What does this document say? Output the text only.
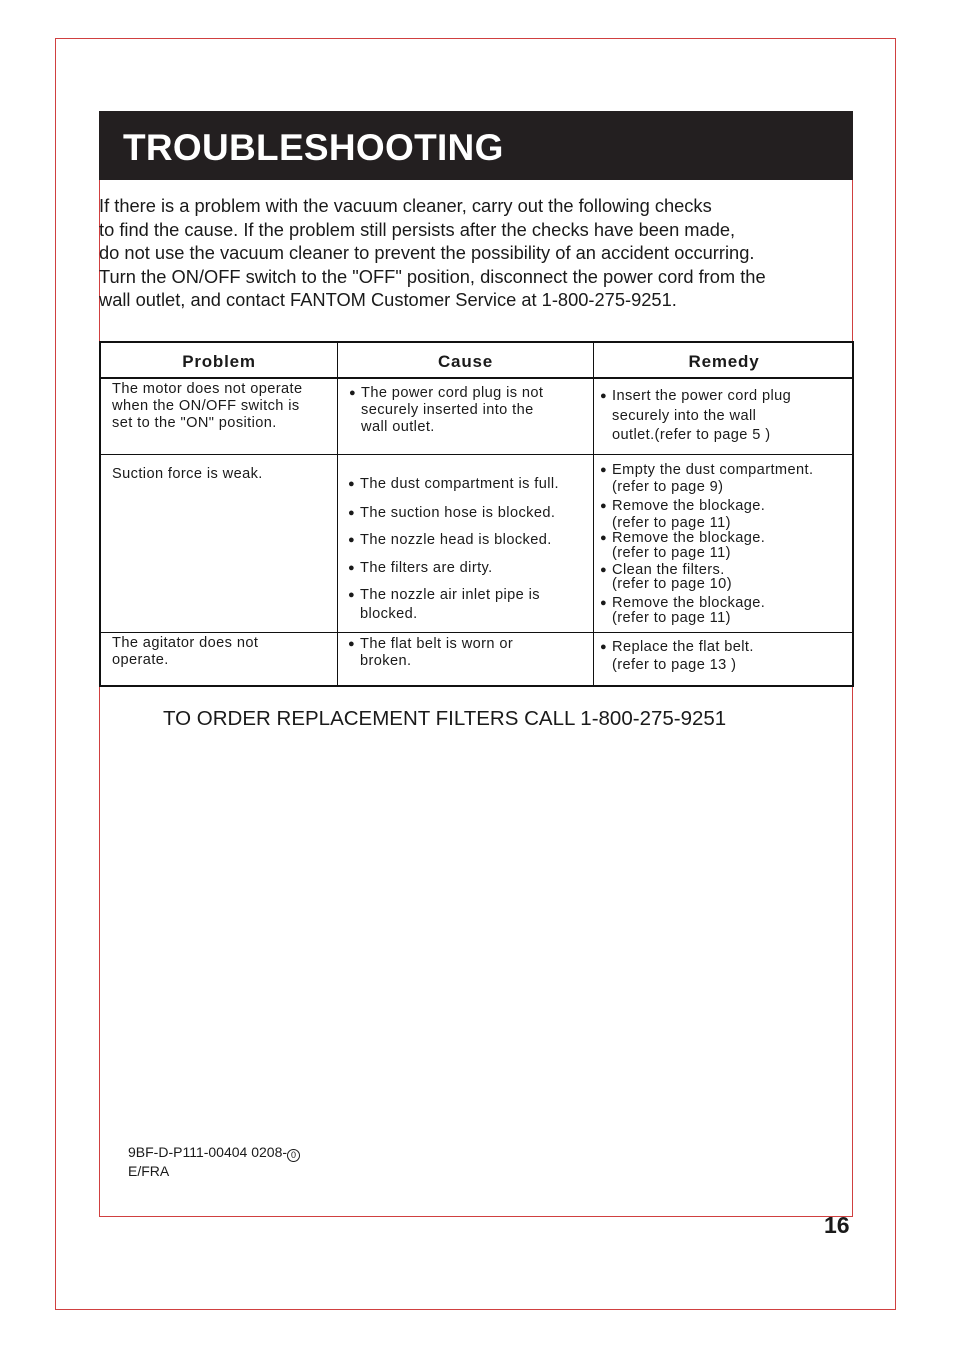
TROUBLESHOOTING
If there is a problem with the vacuum cleaner, carry out the following checks
to find the cause. If the problem still persists after the checks have been made,
do not use the vacuum cleaner to prevent the possibility of an accident occurring.
Turn the ON/OFF switch to the "OFF" position, disconnect the power cord from the
wall outlet, and contact FANTOM Customer Service at 1-800-275-9251.
Problem	Cause	Remedy
The motor does not operate
when the ON/OFF switch is
set to the "ON" position.
● The power cord plug is not
securely inserted into the
wall outlet.
● Insert the power cord plug
securely into the wall
outlet.(refer to page 5 )
Suction force is weak.
● The dust compartment is full.
● The suction hose is blocked.
● The nozzle head is blocked.
● The filters are dirty.
● The nozzle air inlet pipe is
blocked.
● Empty the dust compartment.
(refer to page 9)
● Remove the blockage.
(refer to page 11)
● Remove the blockage.
(refer to page 11)
● Clean the filters.
(refer to page 10)
● Remove the blockage.
(refer to page 11)
The agitator does not
operate.
● The flat belt is worn or
broken.
● Replace the flat belt.
(refer to page 13 )
TO ORDER REPLACEMENT FILTERS CALL 1-800-275-9251
9BF-D-P111-00404 0208- 0
E/FRA
16
